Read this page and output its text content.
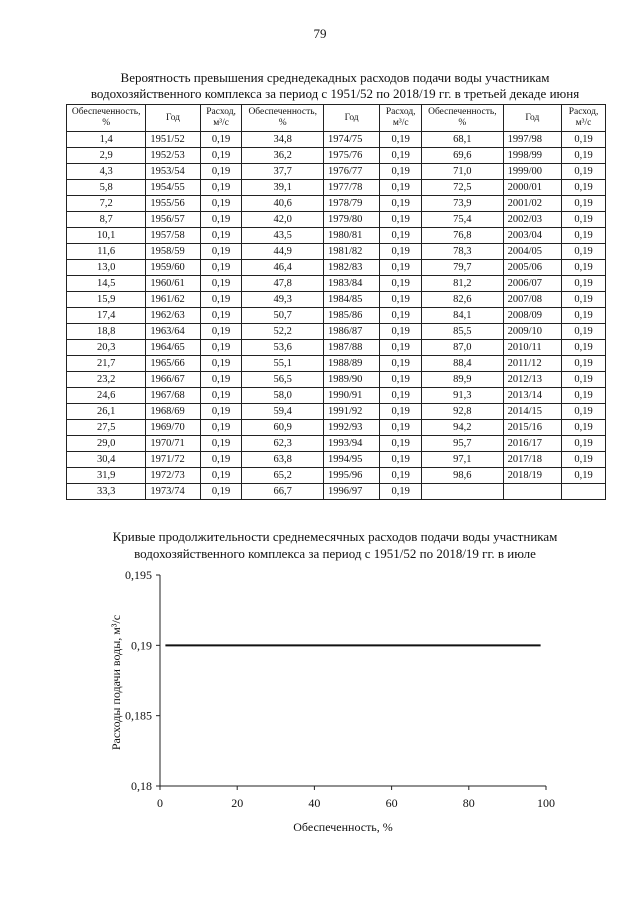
79
Вероятность превышения среднедекадных расходов подачи воды участникам
водохозяйственного комплекса за период с 1951/52 по 2018/19 гг. в третьей декаде июня
Обеспеченность, %	Год	Расход, м³/с	Обеспеченность, %	Год	Расход, м³/с	Обеспеченность, %	Год	Расход, м³/с
1,4	1951/52	0,19	34,8	1974/75	0,19	68,1	1997/98	0,19
2,9	1952/53	0,19	36,2	1975/76	0,19	69,6	1998/99	0,19
4,3	1953/54	0,19	37,7	1976/77	0,19	71,0	1999/00	0,19
5,8	1954/55	0,19	39,1	1977/78	0,19	72,5	2000/01	0,19
7,2	1955/56	0,19	40,6	1978/79	0,19	73,9	2001/02	0,19
8,7	1956/57	0,19	42,0	1979/80	0,19	75,4	2002/03	0,19
10,1	1957/58	0,19	43,5	1980/81	0,19	76,8	2003/04	0,19
11,6	1958/59	0,19	44,9	1981/82	0,19	78,3	2004/05	0,19
13,0	1959/60	0,19	46,4	1982/83	0,19	79,7	2005/06	0,19
14,5	1960/61	0,19	47,8	1983/84	0,19	81,2	2006/07	0,19
15,9	1961/62	0,19	49,3	1984/85	0,19	82,6	2007/08	0,19
17,4	1962/63	0,19	50,7	1985/86	0,19	84,1	2008/09	0,19
18,8	1963/64	0,19	52,2	1986/87	0,19	85,5	2009/10	0,19
20,3	1964/65	0,19	53,6	1987/88	0,19	87,0	2010/11	0,19
21,7	1965/66	0,19	55,1	1988/89	0,19	88,4	2011/12	0,19
23,2	1966/67	0,19	56,5	1989/90	0,19	89,9	2012/13	0,19
24,6	1967/68	0,19	58,0	1990/91	0,19	91,3	2013/14	0,19
26,1	1968/69	0,19	59,4	1991/92	0,19	92,8	2014/15	0,19
27,5	1969/70	0,19	60,9	1992/93	0,19	94,2	2015/16	0,19
29,0	1970/71	0,19	62,3	1993/94	0,19	95,7	2016/17	0,19
30,4	1971/72	0,19	63,8	1994/95	0,19	97,1	2017/18	0,19
31,9	1972/73	0,19	65,2	1995/96	0,19	98,6	2018/19	0,19
33,3	1973/74	0,19	66,7	1996/97	0,19			
Кривые продолжительности среднемесячных расходов подачи воды участникам
водохозяйственного комплекса за период с 1951/52 по 2018/19 гг. в июле
0,18
0,185
0,19
0,195
0	20	40	60	80	100
Обеспеченность, %
Расходы подачи воды, м³/с
